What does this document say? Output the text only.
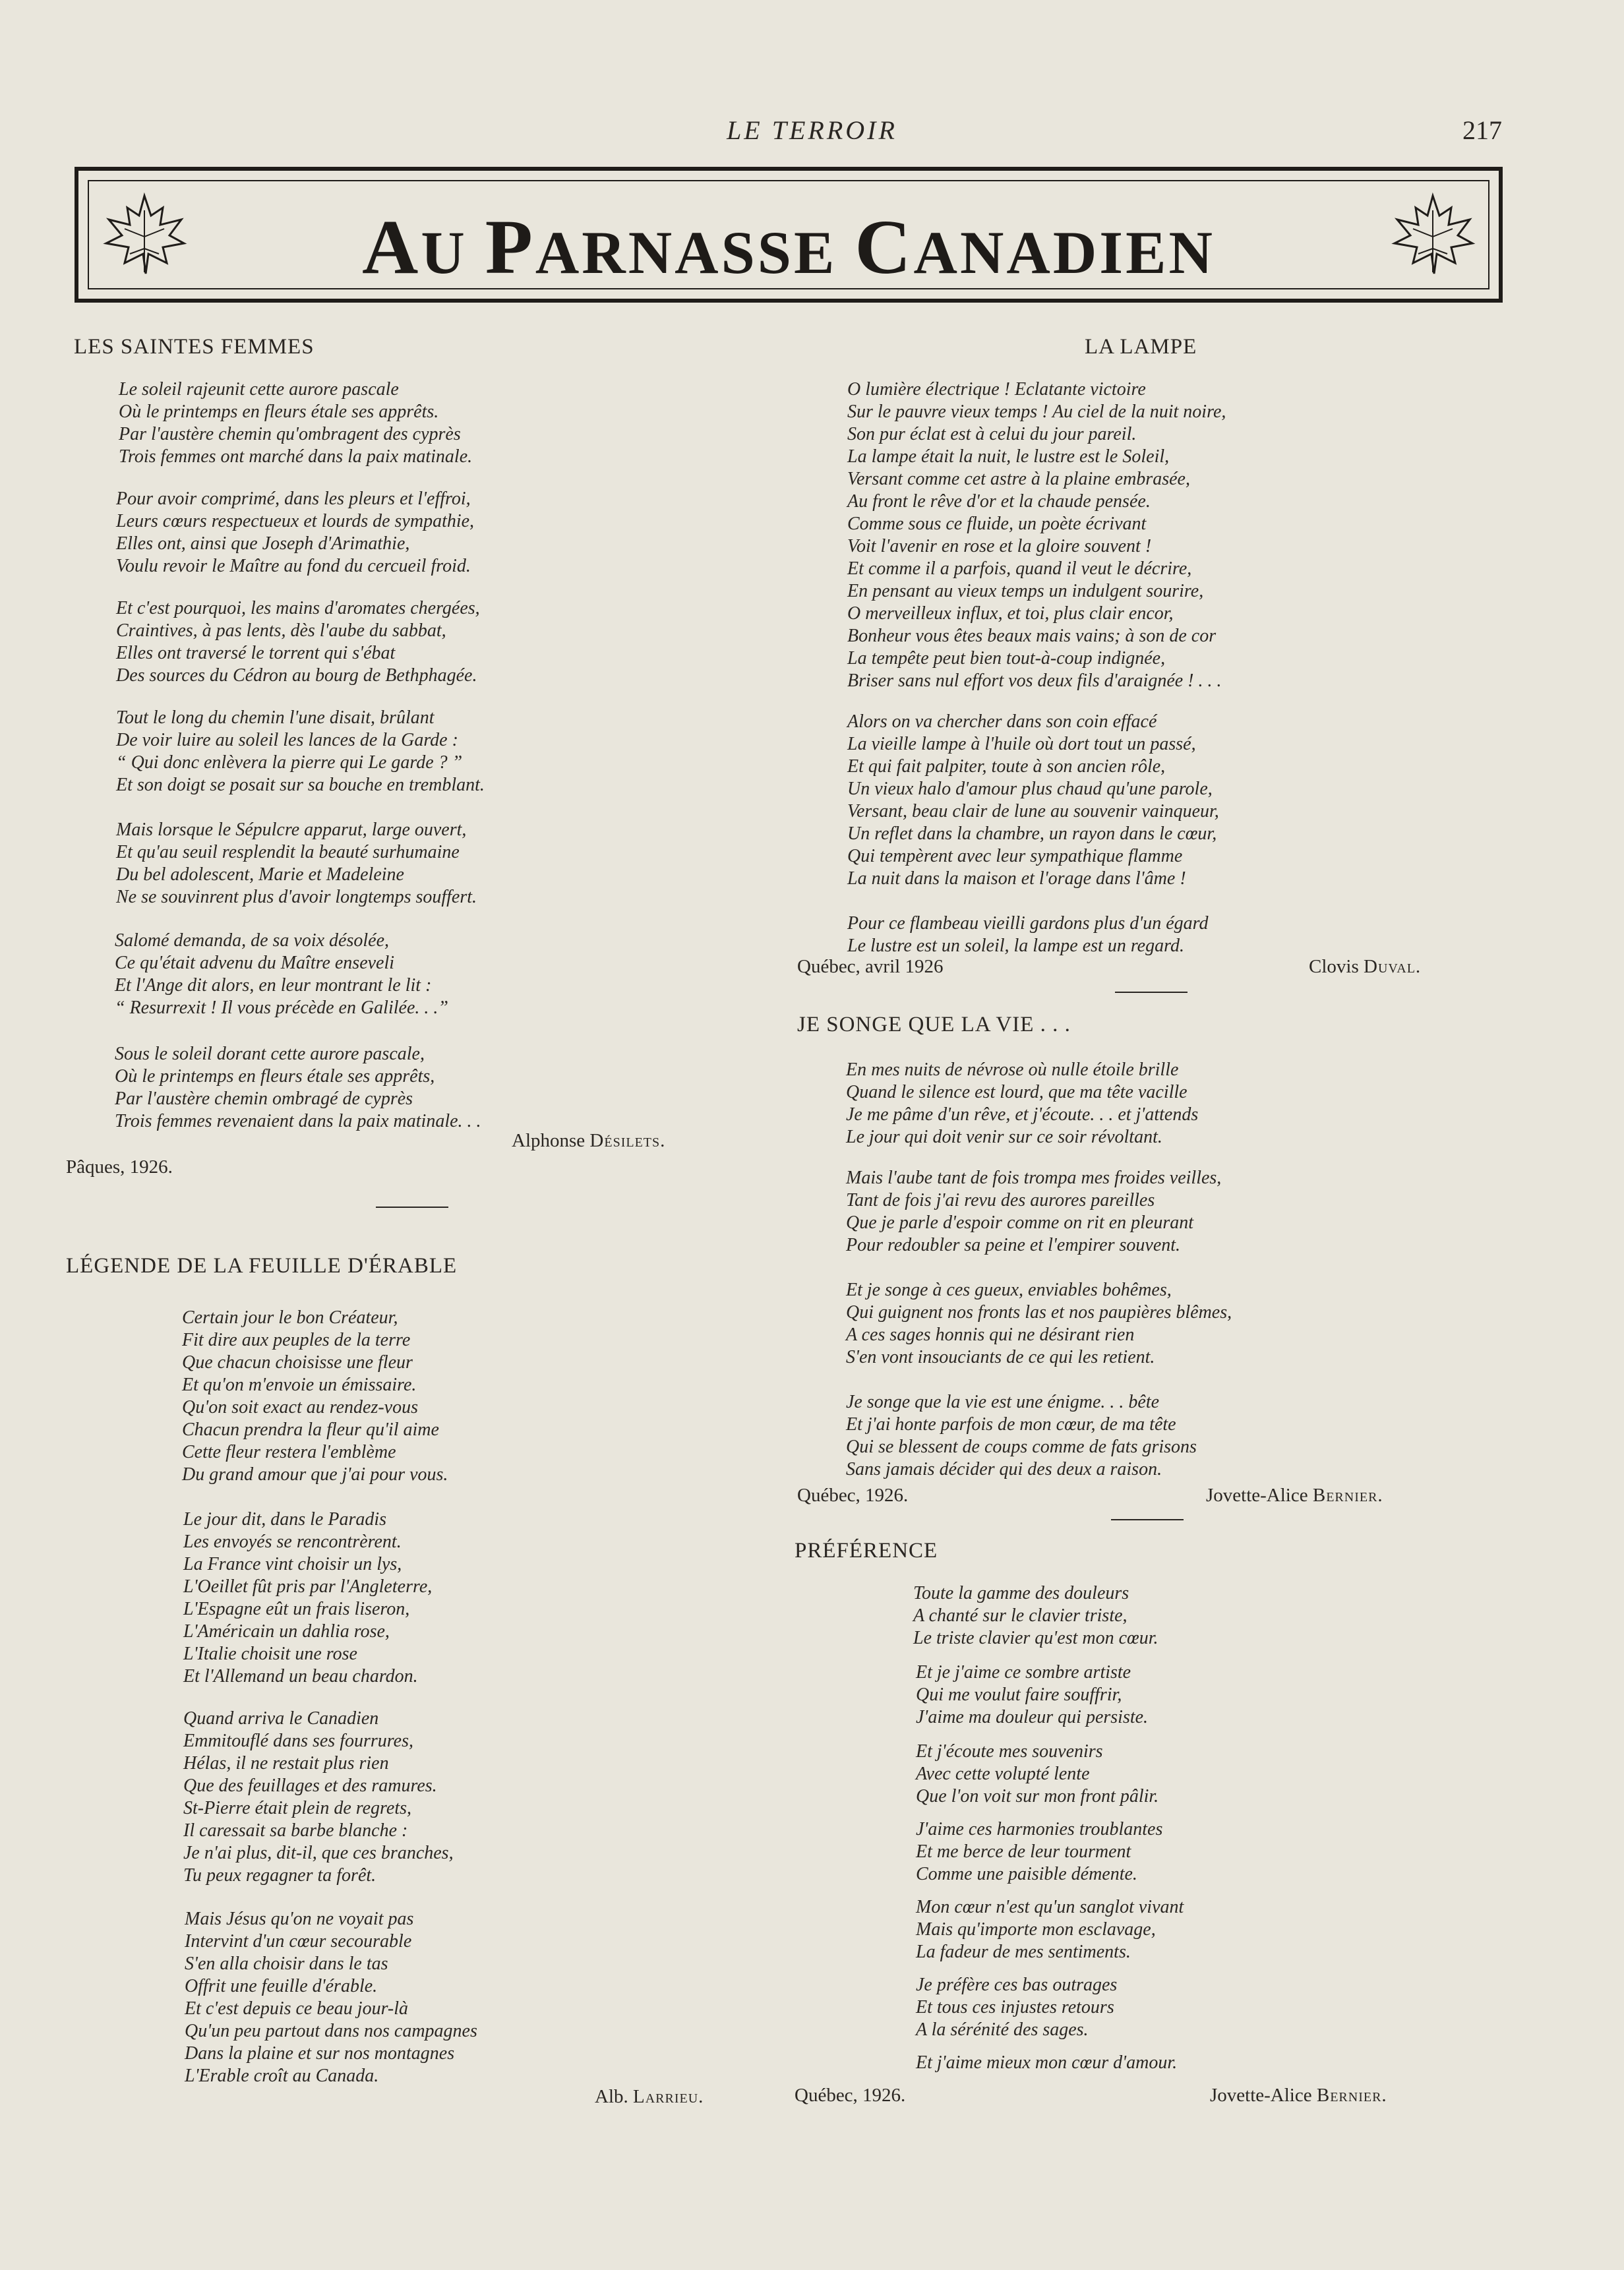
LE TERROIR	217
AU PARNASSE CANADIEN
LES SAINTES FEMMES
Le soleil rajeunit cette aurore pascale
Où le printemps en fleurs étale ses apprêts.
Par l'austère chemin qu'ombragent des cyprès
Trois femmes ont marché dans la paix matinale.
Pour avoir comprimé, dans les pleurs et l'effroi,
Leurs cœurs respectueux et lourds de sympathie,
Elles ont, ainsi que Joseph d'Arimathie,
Voulu revoir le Maître au fond du cercueil froid.
Et c'est pourquoi, les mains d'aromates chergées,
Craintives, à pas lents, dès l'aube du sabbat,
Elles ont traversé le torrent qui s'ébat
Des sources du Cédron au bourg de Bethphagée.
Tout le long du chemin l'une disait, brûlant
De voir luire au soleil les lances de la Garde :
“ Qui donc enlèvera la pierre qui Le garde ? ”
Et son doigt se posait sur sa bouche en tremblant.
Mais lorsque le Sépulcre apparut, large ouvert,
Et qu'au seuil resplendit la beauté surhumaine
Du bel adolescent, Marie et Madeleine
Ne se souvinrent plus d'avoir longtemps souffert.
Salomé demanda, de sa voix désolée,
Ce qu'était advenu du Maître enseveli
Et l'Ange dit alors, en leur montrant le lit :
“ Resurrexit ! Il vous précède en Galilée. . .”
Sous le soleil dorant cette aurore pascale,
Où le printemps en fleurs étale ses apprêts,
Par l'austère chemin ombragé de cyprès
Trois femmes revenaient dans la paix matinale. . .
Alphonse Désilets.
Pâques, 1926.
LÉGENDE DE LA FEUILLE D'ÉRABLE
Certain jour le bon Créateur,
Fit dire aux peuples de la terre
Que chacun choisisse une fleur
Et qu'on m'envoie un émissaire.
Qu'on soit exact au rendez-vous
Chacun prendra la fleur qu'il aime
Cette fleur restera l'emblème
Du grand amour que j'ai pour vous.
Le jour dit, dans le Paradis
Les envoyés se rencontrèrent.
La France vint choisir un lys,
L'Oeillet fût pris par l'Angleterre,
L'Espagne eût un frais liseron,
L'Américain un dahlia rose,
L'Italie choisit une rose
Et l'Allemand un beau chardon.
Quand arriva le Canadien
Emmitouflé dans ses fourrures,
Hélas, il ne restait plus rien
Que des feuillages et des ramures.
St-Pierre était plein de regrets,
Il caressait sa barbe blanche :
Je n'ai plus, dit-il, que ces branches,
Tu peux regagner ta forêt.
Mais Jésus qu'on ne voyait pas
Intervint d'un cœur secourable
S'en alla choisir dans le tas
Offrit une feuille d'érable.
Et c'est depuis ce beau jour-là
Qu'un peu partout dans nos campagnes
Dans la plaine et sur nos montagnes
L'Erable croît au Canada.
Alb. Larrieu.
LA LAMPE
O lumière électrique ! Eclatante victoire
Sur le pauvre vieux temps ! Au ciel de la nuit noire,
Son pur éclat est à celui du jour pareil.
La lampe était la nuit, le lustre est le Soleil,
Versant comme cet astre à la plaine embrasée,
Au front le rêve d'or et la chaude pensée.
Comme sous ce fluide, un poète écrivant
Voit l'avenir en rose et la gloire souvent !
Et comme il a parfois, quand il veut le décrire,
En pensant au vieux temps un indulgent sourire,
O merveilleux influx, et toi, plus clair encor,
Bonheur vous êtes beaux mais vains; à son de cor
La tempête peut bien tout-à-coup indignée,
Briser sans nul effort vos deux fils d'araignée ! . . .
Alors on va chercher dans son coin effacé
La vieille lampe à l'huile où dort tout un passé,
Et qui fait palpiter, toute à son ancien rôle,
Un vieux halo d'amour plus chaud qu'une parole,
Versant, beau clair de lune au souvenir vainqueur,
Un reflet dans la chambre, un rayon dans le cœur,
Qui tempèrent avec leur sympathique flamme
La nuit dans la maison et l'orage dans l'âme !
Pour ce flambeau vieilli gardons plus d'un égard
Le lustre est un soleil, la lampe est un regard.
Québec, avril 1926	Clovis Duval.
JE SONGE QUE LA VIE . . .
En mes nuits de névrose où nulle étoile brille
Quand le silence est lourd, que ma tête vacille
Je me pâme d'un rêve, et j'écoute. . . et j'attends
Le jour qui doit venir sur ce soir révoltant.
Mais l'aube tant de fois trompa mes froides veilles,
Tant de fois j'ai revu des aurores pareilles
Que je parle d'espoir comme on rit en pleurant
Pour redoubler sa peine et l'empirer souvent.
Et je songe à ces gueux, enviables bohêmes,
Qui guignent nos fronts las et nos paupières blêmes,
A ces sages honnis qui ne désirant rien
S'en vont insouciants de ce qui les retient.
Je songe que la vie est une énigme. . . bête
Et j'ai honte parfois de mon cœur, de ma tête
Qui se blessent de coups comme de fats grisons
Sans jamais décider qui des deux a raison.
Québec, 1926.	Jovette-Alice Bernier.
PRÉFÉRENCE
Toute la gamme des douleurs
A chanté sur le clavier triste,
Le triste clavier qu'est mon cœur.
Et je j'aime ce sombre artiste
Qui me voulut faire souffrir,
J'aime ma douleur qui persiste.
Et j'écoute mes souvenirs
Avec cette volupté lente
Que l'on voit sur mon front pâlir.
J'aime ces harmonies troublantes
Et me berce de leur tourment
Comme une paisible démente.
Mon cœur n'est qu'un sanglot vivant
Mais qu'importe mon esclavage,
La fadeur de mes sentiments.
Je préfère ces bas outrages
Et tous ces injustes retours
A la sérénité des sages.
Et j'aime mieux mon cœur d'amour.
Québec, 1926.	Jovette-Alice Bernier.
